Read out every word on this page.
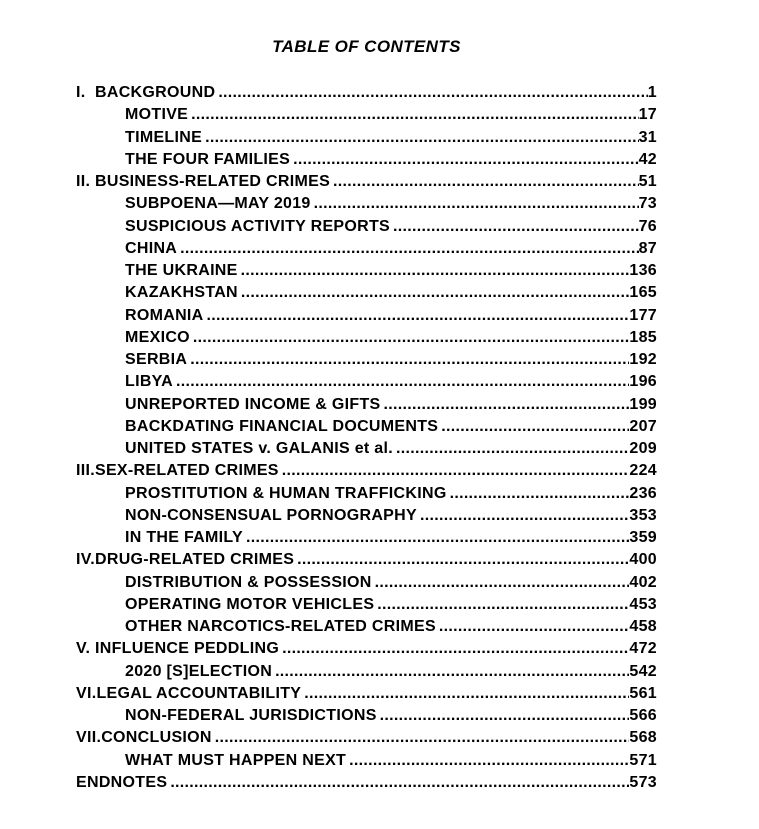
TABLE OF CONTENTS
I.  BACKGROUND .....	1
MOTIVE .....	17
TIMELINE .....	31
THE FOUR FAMILIES .....	42
II. BUSINESS-RELATED CRIMES .....	51
SUBPOENA—MAY 2019 .....	73
SUSPICIOUS ACTIVITY REPORTS .....	76
CHINA .....	87
THE UKRAINE .....	136
KAZAKHSTAN .....	165
ROMANIA .....	177
MEXICO .....	185
SERBIA .....	192
LIBYA .....	196
UNREPORTED INCOME & GIFTS .....	199
BACKDATING FINANCIAL DOCUMENTS .....	207
UNITED STATES v. GALANIS et al. .....	209
III.SEX-RELATED CRIMES .....	224
PROSTITUTION & HUMAN TRAFFICKING .....	236
NON-CONSENSUAL PORNOGRAPHY .....	353
IN THE FAMILY .....	359
IV.DRUG-RELATED CRIMES .....	400
DISTRIBUTION & POSSESSION .....	402
OPERATING MOTOR VEHICLES .....	453
OTHER NARCOTICS-RELATED CRIMES .....	458
V. INFLUENCE PEDDLING .....	472
2020 [S]ELECTION .....	542
VI.LEGAL ACCOUNTABILITY .....	561
NON-FEDERAL JURISDICTIONS .....	566
VII.CONCLUSION .....	568
WHAT MUST HAPPEN NEXT .....	571
ENDNOTES .....	573
